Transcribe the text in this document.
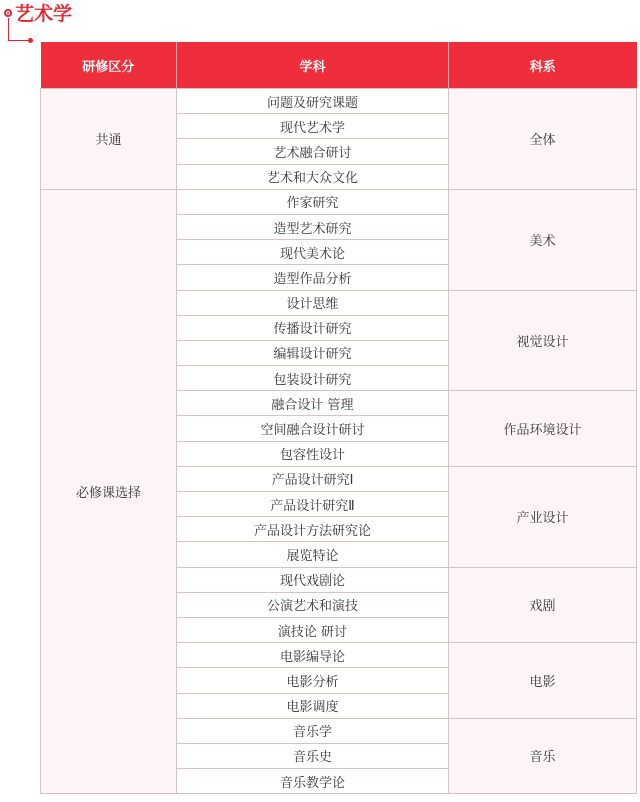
艺术学
研修区分	学科	科系
共通	问题及研究课题	全体
	现代艺术学	
	艺术融合研讨	
	艺术和大众文化	
必修课选择	作家研究	美术
	造型艺术研究	
	现代美术论	
	造型作品分析	
	设计思维	视觉设计
	传播设计研究	
	编辑设计研究	
	包装设计研究	
	融合设计 管理	作品环境设计
	空间融合设计研讨	
	包容性设计	
	产品设计研究Ⅰ	产业设计
	产品设计研究Ⅱ	
	产品设计方法研究论	
	展览特论	
	现代戏剧论	戏剧
	公演艺术和演技	
	演技论 研讨	
	电影编导论	电影
	电影分析	
	电影调度	
	音乐学	音乐
	音乐史	
	音乐教学论	
